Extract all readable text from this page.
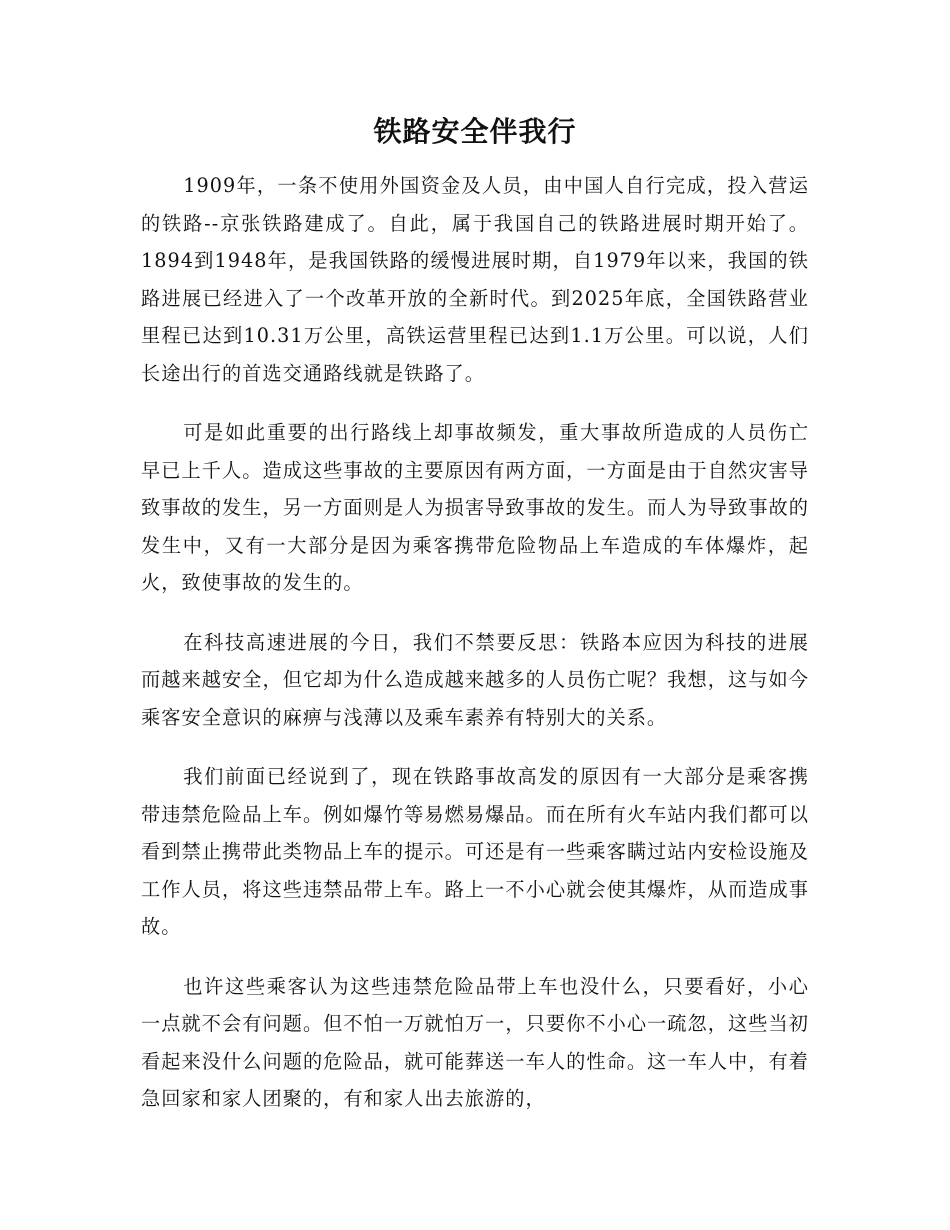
铁路安全伴我行

1909年，一条不使用外国资金及人员，由中国人自行完成，投入营运的铁路--京张铁路建成了。自此，属于我国自己的铁路进展时期开始了。1894到1948年，是我国铁路的缓慢进展时期，自1979年以来，我国的铁路进展已经进入了一个改革开放的全新时代。到2025年底，全国铁路营业里程已达到10.31万公里，高铁运营里程已达到1.1万公里。可以说，人们长途出行的首选交通路线就是铁路了。

可是如此重要的出行路线上却事故频发，重大事故所造成的人员伤亡早已上千人。造成这些事故的主要原因有两方面，一方面是由于自然灾害导致事故的发生，另一方面则是人为损害导致事故的发生。而人为导致事故的发生中，又有一大部分是因为乘客携带危险物品上车造成的车体爆炸，起火，致使事故的发生的。

在科技高速进展的今日，我们不禁要反思：铁路本应因为科技的进展而越来越安全，但它却为什么造成越来越多的人员伤亡呢？我想，这与如今乘客安全意识的麻痹与浅薄以及乘车素养有特别大的关系。

我们前面已经说到了，现在铁路事故高发的原因有一大部分是乘客携带违禁危险品上车。例如爆竹等易燃易爆品。而在所有火车站内我们都可以看到禁止携带此类物品上车的提示。可还是有一些乘客瞒过站内安检设施及工作人员，将这些违禁品带上车。路上一不小心就会使其爆炸，从而造成事故。

也许这些乘客认为这些违禁危险品带上车也没什么，只要看好，小心一点就不会有问题。但不怕一万就怕万一，只要你不小心一疏忽，这些当初看起来没什么问题的危险品，就可能葬送一车人的性命。这一车人中，有着急回家和家人团聚的，有和家人出去旅游的，
